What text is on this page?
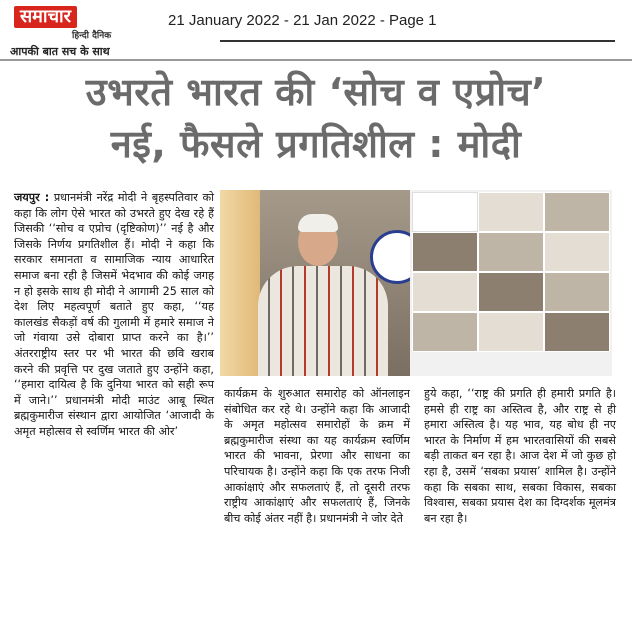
समाचार
हिन्दी दैनिक
आपकी बात सच के साथ
21 January 2022 - 21 Jan 2022 - Page 1
उभरते भारत की ‘सोच व एप्रोच’
नई, फैसले प्रगतिशील : मोदी
जयपुर : प्रधानमंत्री नरेंद्र मोदी ने बृहस्पतिवार को कहा कि लोग ऐसे भारत को उभरते हुए देख रहे हैं जिसकी ‘‘सोच व एप्रोच (दृष्टिकोण)’’ नई है और जिसके निर्णय प्रगतिशील हैं। मोदी ने कहा कि सरकार समानता व सामाजिक न्याय आधारित समाज बना रही है जिसमें भेदभाव की कोई जगह न हो इसके साथ ही मोदी ने आगामी 25 साल को देश लिए महत्वपूर्ण बताते हुए कहा, ‘‘यह कालखंड सैकड़ों वर्ष की गुलामी में हमारे समाज ने जो गंवाया उसे दोबारा प्राप्त करने का है।’’ अंतरराष्ट्रीय स्तर पर भी भारत की छवि खराब करने की प्रवृत्ति पर दुख जताते हुए उन्होंने कहा, ‘‘हमारा दायित्व है कि दुनिया भारत को सही रूप में जाने।’’ प्रधानमंत्री मोदी माउंट आबू स्थित ब्रह्मकुमारीज संस्थान द्वारा आयोजित ‘आजादी के अमृत महोत्सव से स्वर्णिम भारत की ओर’
कार्यक्रम के शुरुआत समारोह को ऑनलाइन संबोधित कर रहे थे। उन्होंने कहा कि आजादी के अमृत महोत्सव समारोहों के क्रम में ब्रह्मकुमारीज संस्था का यह कार्यक्रम स्वर्णिम भारत की भावना, प्रेरणा और साधना का परिचायक है। उन्होंने कहा कि एक तरफ निजी आकांक्षाएं और सफलताएं हैं, तो दूसरी तरफ राष्ट्रीय आकांक्षाएं और सफलताएं हैं, जिनके बीच कोई अंतर नहीं है। प्रधानमंत्री ने जोर देते
हुये कहा, ‘‘राष्ट्र की प्रगति ही हमारी प्रगति है। हमसे ही राष्ट्र का अस्तित्व है, और राष्ट्र से ही हमारा अस्तित्व है। यह भाव, यह बोध ही नए भारत के निर्माण में हम भारतवासियों की सबसे बड़ी ताकत बन रहा है। आज देश में जो कुछ हो रहा है, उसमें ‘सबका प्रयास’ शामिल है। उन्होंने कहा कि सबका साथ, सबका विकास, सबका विश्वास, सबका प्रयास देश का दिग्दर्शक मूलमंत्र बन रहा है।
